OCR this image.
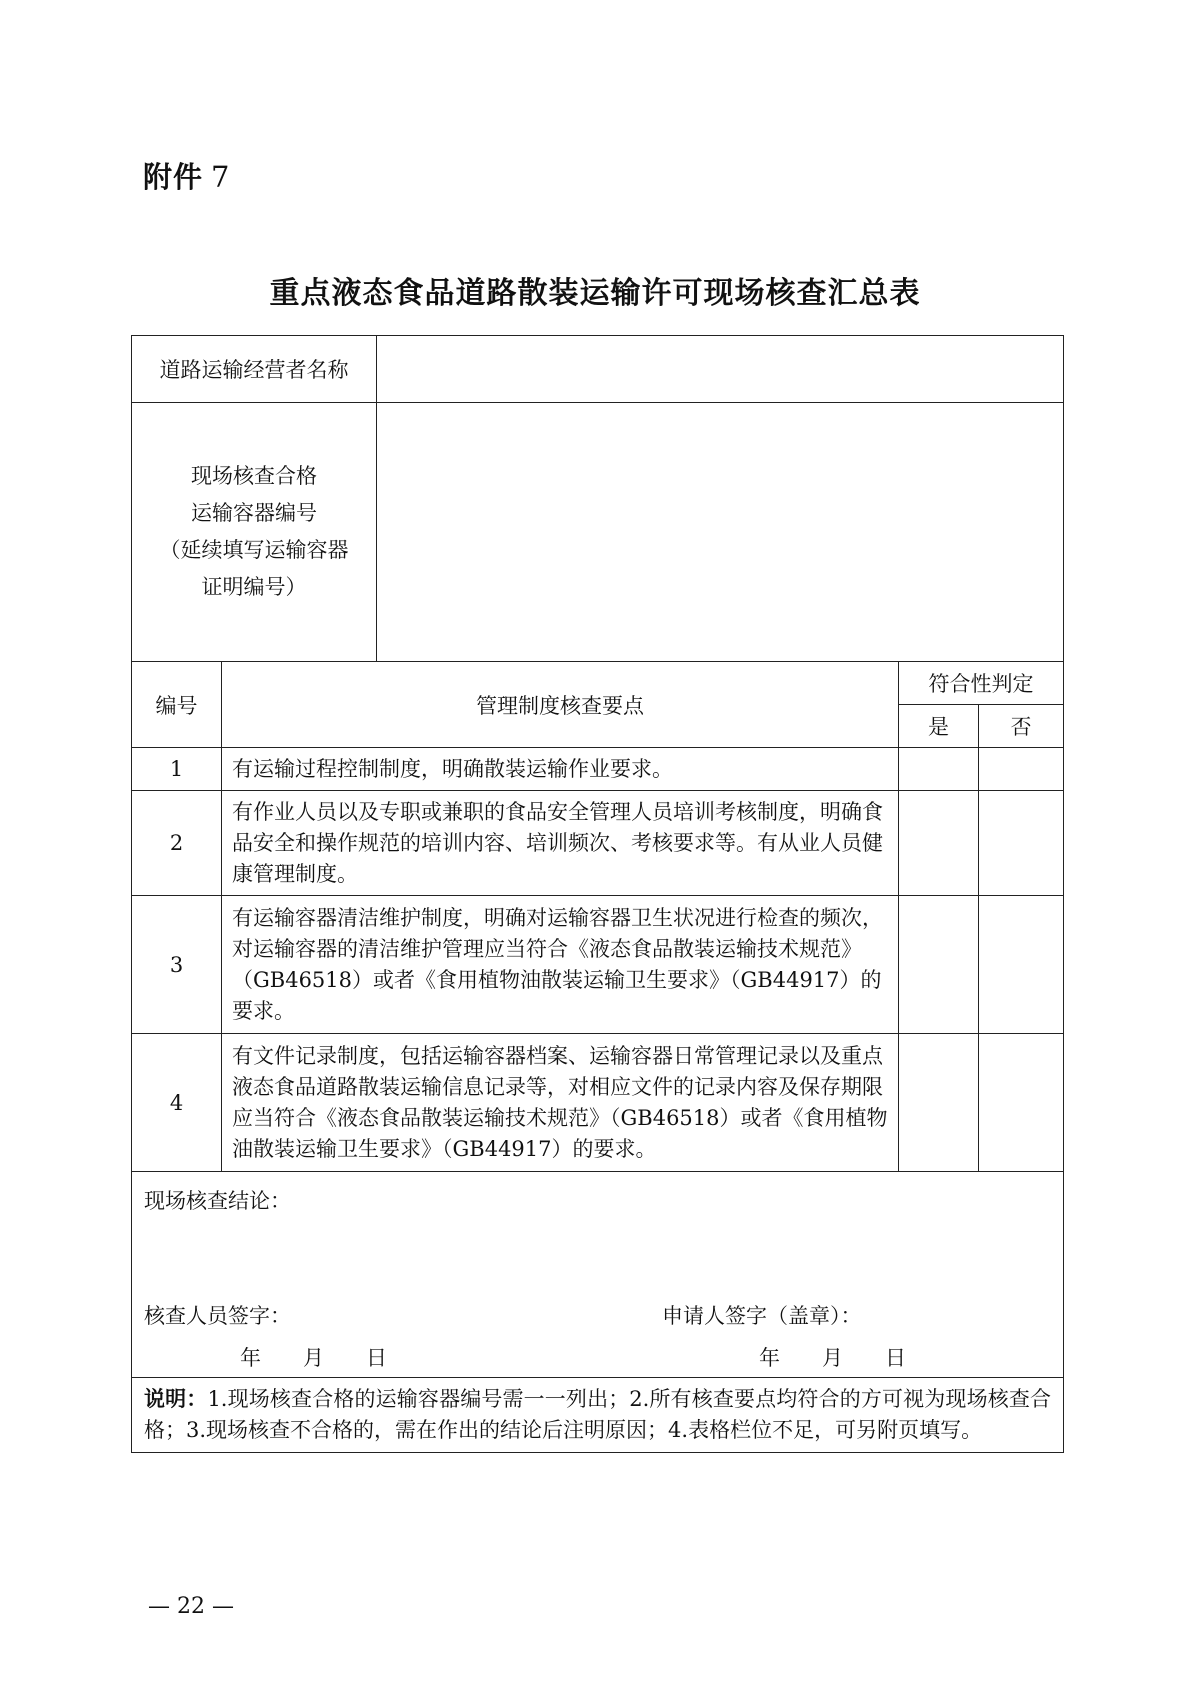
附件 7
重点液态食品道路散装运输许可现场核查汇总表
道路运输经营者名称				

现场核查合格
运输容器编号
（延续填写运输容器
证明编号）				

编号	管理制度核查要点		符合性判定	
			是	否
1	有运输过程控制制度，明确散装运输作业要求。			
2	有作业人员以及专职或兼职的食品安全管理人员培训考核制度，明确食品安全和操作规范的培训内容、培训频次、考核要求等。有从业人员健康管理制度。			
3	有运输容器清洁维护制度，明确对运输容器卫生状况进行检查的频次，对运输容器的清洁维护管理应当符合《液态食品散装运输技术规范》（GB46518）或者《食用植物油散装运输卫生要求》（GB44917）的要求。			
4	有文件记录制度，包括运输容器档案、运输容器日常管理记录以及重点液态食品道路散装运输信息记录等，对相应文件的记录内容及保存期限应当符合《液态食品散装运输技术规范》（GB46518）或者《食用植物油散装运输卫生要求》（GB44917）的要求。			

现场核查结论：
核查人员签字： 申请人签字（盖章）：
年 月 日 年 月 日				

说明：1.现场核查合格的运输容器编号需一一列出；2.所有核查要点均符合的方可视为现场核查合格；3.现场核查不合格的，需在作出的结论后注明原因；4.表格栏位不足，可另附页填写。				
— 22 —
